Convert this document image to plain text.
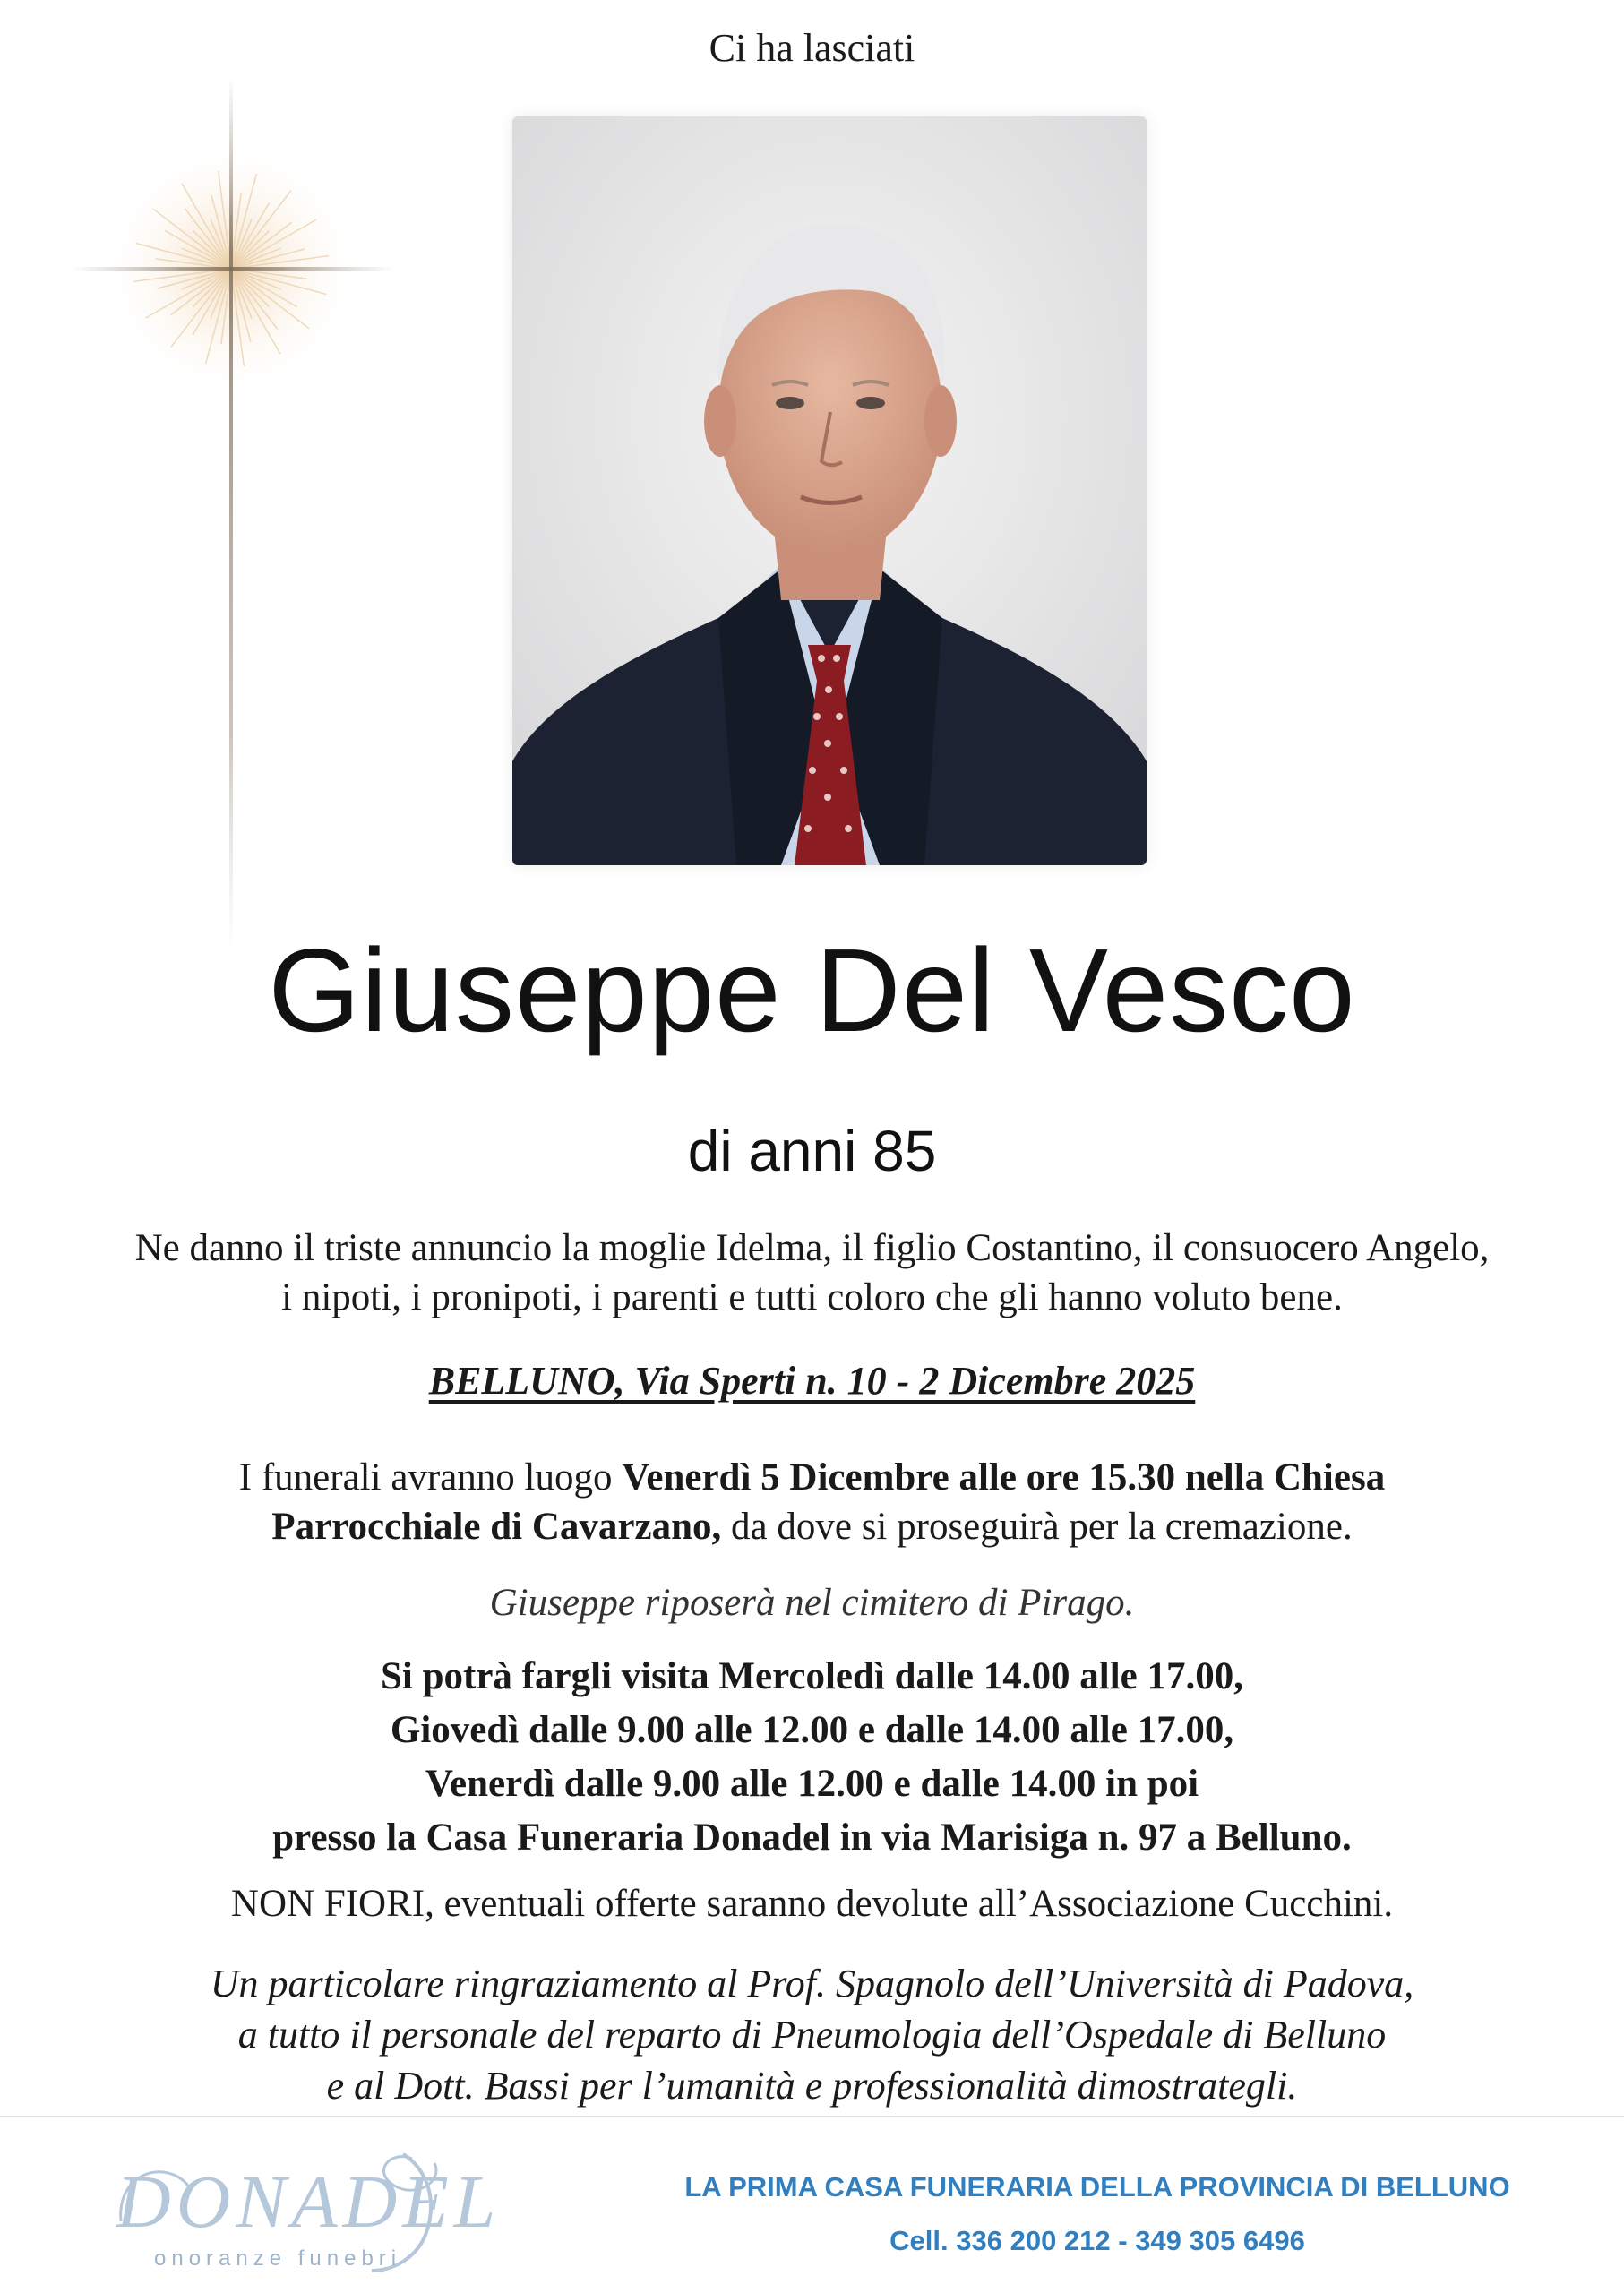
Ci ha lasciati
Giuseppe Del Vesco
di anni 85
Ne danno il triste annuncio la moglie Idelma, il figlio Costantino, il consuocero Angelo,
i nipoti, i pronipoti, i parenti e tutti coloro che gli hanno voluto bene.
BELLUNO, Via Sperti n. 10 - 2 Dicembre 2025
I funerali avranno luogo Venerdì 5 Dicembre alle ore 15.30 nella Chiesa
Parrocchiale di Cavarzano, da dove si proseguirà per la cremazione.
Giuseppe riposerà nel cimitero di Pirago.
Si potrà fargli visita Mercoledì dalle 14.00 alle 17.00,
Giovedì dalle 9.00 alle 12.00 e dalle 14.00 alle 17.00,
Venerdì dalle 9.00 alle 12.00 e dalle 14.00 in poi
presso la Casa Funeraria Donadel in via Marisiga n. 97 a Belluno.
NON FIORI, eventuali offerte saranno devolute all’Associazione Cucchini.
Un particolare ringraziamento al Prof. Spagnolo dell’Università di Padova,
a tutto il personale del reparto di Pneumologia dell’Ospedale di Belluno
e al Dott. Bassi per l’umanità e professionalità dimostrategli.
DONADEL
onoranze funebri
LA PRIMA CASA FUNERARIA DELLA PROVINCIA DI BELLUNO
Cell. 336 200 212 - 349 305 6496
